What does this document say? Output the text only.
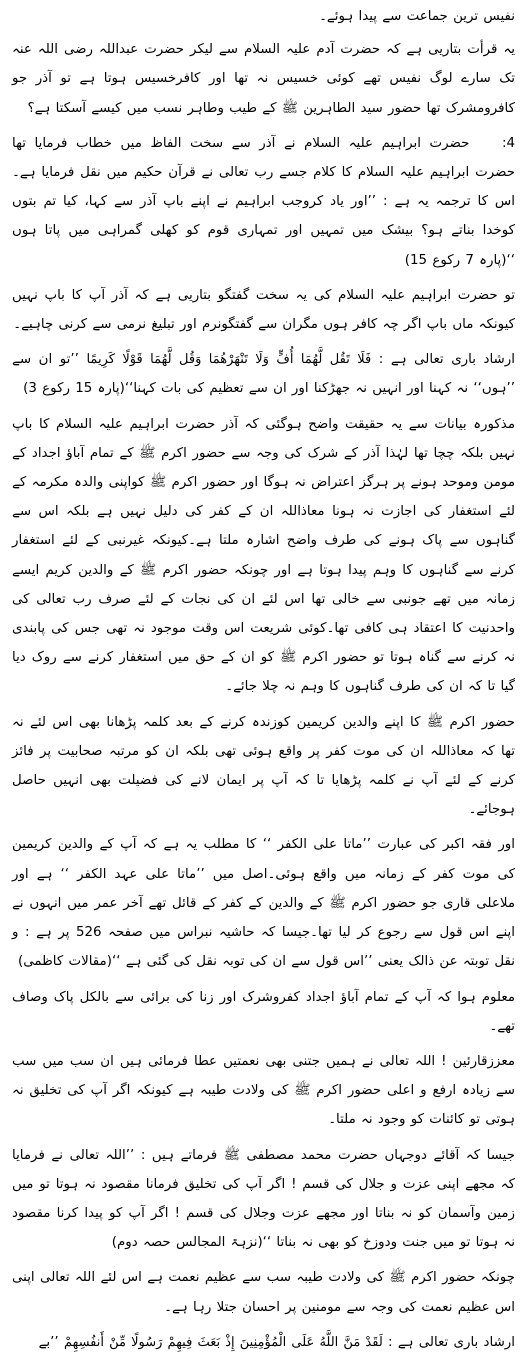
نفیس ترین جماعت سے پیدا ہوئے۔

یہ قرأت بتاریی ہے کہ حضرت آدم علیہ السلام سے لیکر حضرت عبداللہ رضی اللہ عنہ تک سارے لوگ نفیس تھے کوئی خسیس نہ تھا اور کافرخسیس ہوتا ہے تو آذر جو کافرومشرک تھا حضور سید الطاہرین ﷺ کے طیب وطاہر نسب میں کیسے آسکتا ہے؟

4: حضرت ابراہیم علیہ السلام نے آذر سے سخت الفاظ میں خطاب فرمایا تھا حضرت ابراہیم علیہ السلام کا کلام جسے رب تعالی نے قرآن حکیم میں نقل فرمایا ہے۔اس کا ترجمہ یہ ہے : ’’اور یاد کروجب ابراہیم نے اپنے باپ آذر سے کہا، کیا تم بتوں کوخدا بناتے ہو؟ بیشک میں تمہیں اور تمہاری قوم کو کھلی گمراہی میں پاتا ہوں ‘‘(پارہ 7 رکوع 15)

تو حضرت ابراہیم علیہ السلام کی یہ سخت گفتگو بتاریی ہے کہ آذر آپ کا باپ نہیں کیونکہ ماں باپ اگر چہ کافر ہوں مگران سے گفتگونرم اور تبلیغ نرمی سے کرنی چاہیے۔

ارشاد باری تعالی ہے : فَلَا تَقُل لَّهُمَا أُفٍّ وَلَا تَنْهَرْهُمَا وَقُل لَّهُمَا قَوْلًا كَرِيمًا ’’تو ان سے ’’ہوں‘‘ نہ کہنا اور انہیں نہ جھڑکنا اور ان سے تعظیم کی بات کہنا‘‘(پارہ 15 رکوع 3)

مذکورہ بیانات سے یہ حقیقت واضح ہوگئی کہ آذر حضرت ابراہیم علیہ السلام کا باپ نہیں بلکہ چچا تھا لہٰذا آذر کے شرک کی وجہ سے حضور اکرم ﷺ کے تمام آباؤ اجداد کے مومن وموحد ہونے پر ہرگز اعتراض نہ ہوگا اور حضور اکرم ﷺ کواپنی والدہ مکرمہ کے لئے استغفار کی اجازت نہ ہونا معاذاللہ ان کے کفر کی دلیل نہیں ہے بلکہ اس سے گناہوں سے پاک ہونے کی طرف واضح اشارہ ملتا ہے۔کیونکہ غیرنبی کے لئے استغفار کرنے سے گناہوں کا وہم پیدا ہوتا ہے اور چونکہ حضور اکرم ﷺ کے والدین کریم ایسے زمانہ میں تھے جونبی سے خالی تھا اس لئے ان کی نجات کے لئے صرف رب تعالی کی واحدنیت کا اعتقاد ہی کافی تھا۔کوئی شریعت اس وقت موجود نہ تھی جس کی پابندی نہ کرنے سے گناہ ہوتا تو حضور اکرم ﷺ کو ان کے حق میں استغفار کرنے سے روک دیا گیا تا کہ ان کی طرف گناہوں کا وہم نہ چلا جائے۔

حضور اکرم ﷺ کا اپنے والدین کریمین کوزندہ کرنے کے بعد کلمہ پڑھانا بھی اس لئے نہ تھا کہ معاذاللہ ان کی موت کفر پر واقع ہوئی تھی بلکہ ان کو مرتبہ صحابیت پر فائز کرنے کے لئے آپ نے کلمہ پڑھایا تا کہ آپ پر ایمان لانے کی فضیلت بھی انہیں حاصل ہوجائے۔

اور فقہ اکبر کی عبارت ’’ماتا علی الکفر ‘‘ کا مطلب یہ ہے کہ آپ کے والدین کریمین کی موت کفر کے زمانہ میں واقع ہوئی۔اصل میں ’’ماتا علی عہد الکفر ‘‘ ہے اور ملاعلی قاری جو حضور اکرم ﷺ کے والدین کے کفر کے قائل تھے آخر عمر میں انہوں نے اپنے اس قول سے رجوع کر لیا تھا۔جیسا کہ حاشیہ نبراس میں صفحہ 526 پر ہے : و نقل توبتہ عن ذالک یعنی ’’اس قول سے ان کی توبہ نقل کی گئی ہے ‘‘(مقالات کاظمی)

معلوم ہوا کہ آپ کے تمام آباؤ اجداد کفروشرک اور زنا کی برائی سے بالکل پاک وصاف تھے۔

معززقارئین ! اللہ تعالی نے ہمیں جتنی بھی نعمتیں عطا فرمائی ہیں ان سب میں سب سے زیادہ ارفع و اعلی حضور اکرم ﷺ کی ولادت طیبہ ہے کیونکہ اگر آپ کی تخلیق نہ ہوتی تو کائنات کو وجود نہ ملتا۔

جیسا کہ آقائے دوجہاں حضرت محمد مصطفی ﷺ فرماتے ہیں : ’’اللہ تعالی نے فرمایا کہ مجھے اپنی عزت و جلال کی قسم ! اگر آپ کی تخلیق فرمانا مقصود نہ ہوتا تو میں زمین وآسمان کو نہ بناتا اور مجھے عزت وجلال کی قسم ! اگر آپ کو پیدا کرنا مقصود نہ ہوتا تو میں جنت ودوزخ کو بھی نہ بناتا ‘‘(نزہۃ المجالس حصہ دوم)

چونکہ حضور اکرم ﷺ کی ولادت طیبہ سب سے عظیم نعمت ہے اس لئے اللہ تعالی اپنی اس عظیم نعمت کی وجہ سے مومنین پر احسان جتلا رہا ہے۔

ارشاد باری تعالی ہے : لَقَدْ مَنَّ اللَّهُ عَلَى الْمُؤْمِنِينَ إِذْ بَعَثَ فِيهِمْ رَسُولًا مِّنْ أَنفُسِهِمْ ’’بے
